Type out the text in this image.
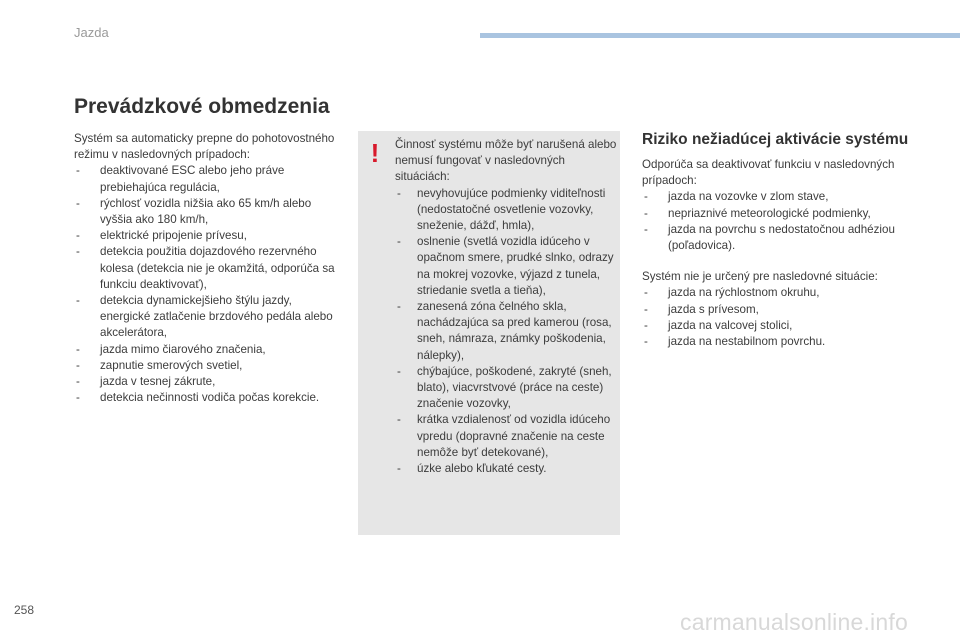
Jazda
Prevádzkové obmedzenia

Systém sa automaticky prepne do pohotovostného režimu v nasledovných prípadoch:

- deaktivované ESC alebo jeho práve prebiehajúca regulácia,
- rýchlosť vozidla nižšia ako 65 km/h alebo vyššia ako 180 km/h,
- elektrické pripojenie prívesu,
- detekcia použitia dojazdového rezervného kolesa (detekcia nie je okamžitá, odporúča sa funkciu deaktivovať),
- detekcia dynamickejšieho štýlu jazdy, energické zatlačenie brzdového pedála alebo akcelerátora,
- jazda mimo čiarového značenia,
- zapnutie smerových svetiel,
- jazda v tesnej zákrute,
- detekcia nečinnosti vodiča počas korekcie.
!	Činnosť systému môže byť narušená alebo nemusí fungovať v nasledovných situáciách:

- nevyhovujúce podmienky viditeľnosti (nedostatočné osvetlenie vozovky, sneženie, dážď, hmla),
- oslnenie (svetlá vozidla idúceho v opačnom smere, prudké slnko, odrazy na mokrej vozovke, výjazd z tunela, striedanie svetla a tieňa),
- zanesená zóna čelného skla, nachádzajúca sa pred kamerou (rosa, sneh, námraza, známky poškodenia, nálepky),
- chýbajúce, poškodené, zakryté (sneh, blato), viacvrstvové (práce na ceste) značenie vozovky,
- krátka vzdialenosť od vozidla idúceho vpredu (dopravné značenie na ceste nemôže byť detekované),
- úzke alebo kľukaté cesty.
Riziko nežiadúcej aktivácie systému

Odporúča sa deaktivovať funkciu v nasledovných prípadoch:

- jazda na vozovke v zlom stave,
- nepriaznivé meteorologické podmienky,
- jazda na povrchu s nedostatočnou adhéziou (poľadovica).

Systém nie je určený pre nasledovné situácie:

- jazda na rýchlostnom okruhu,
- jazda s prívesom,
- jazda na valcovej stolici,
- jazda na nestabilnom povrchu.
258	carmanualsonline.info
